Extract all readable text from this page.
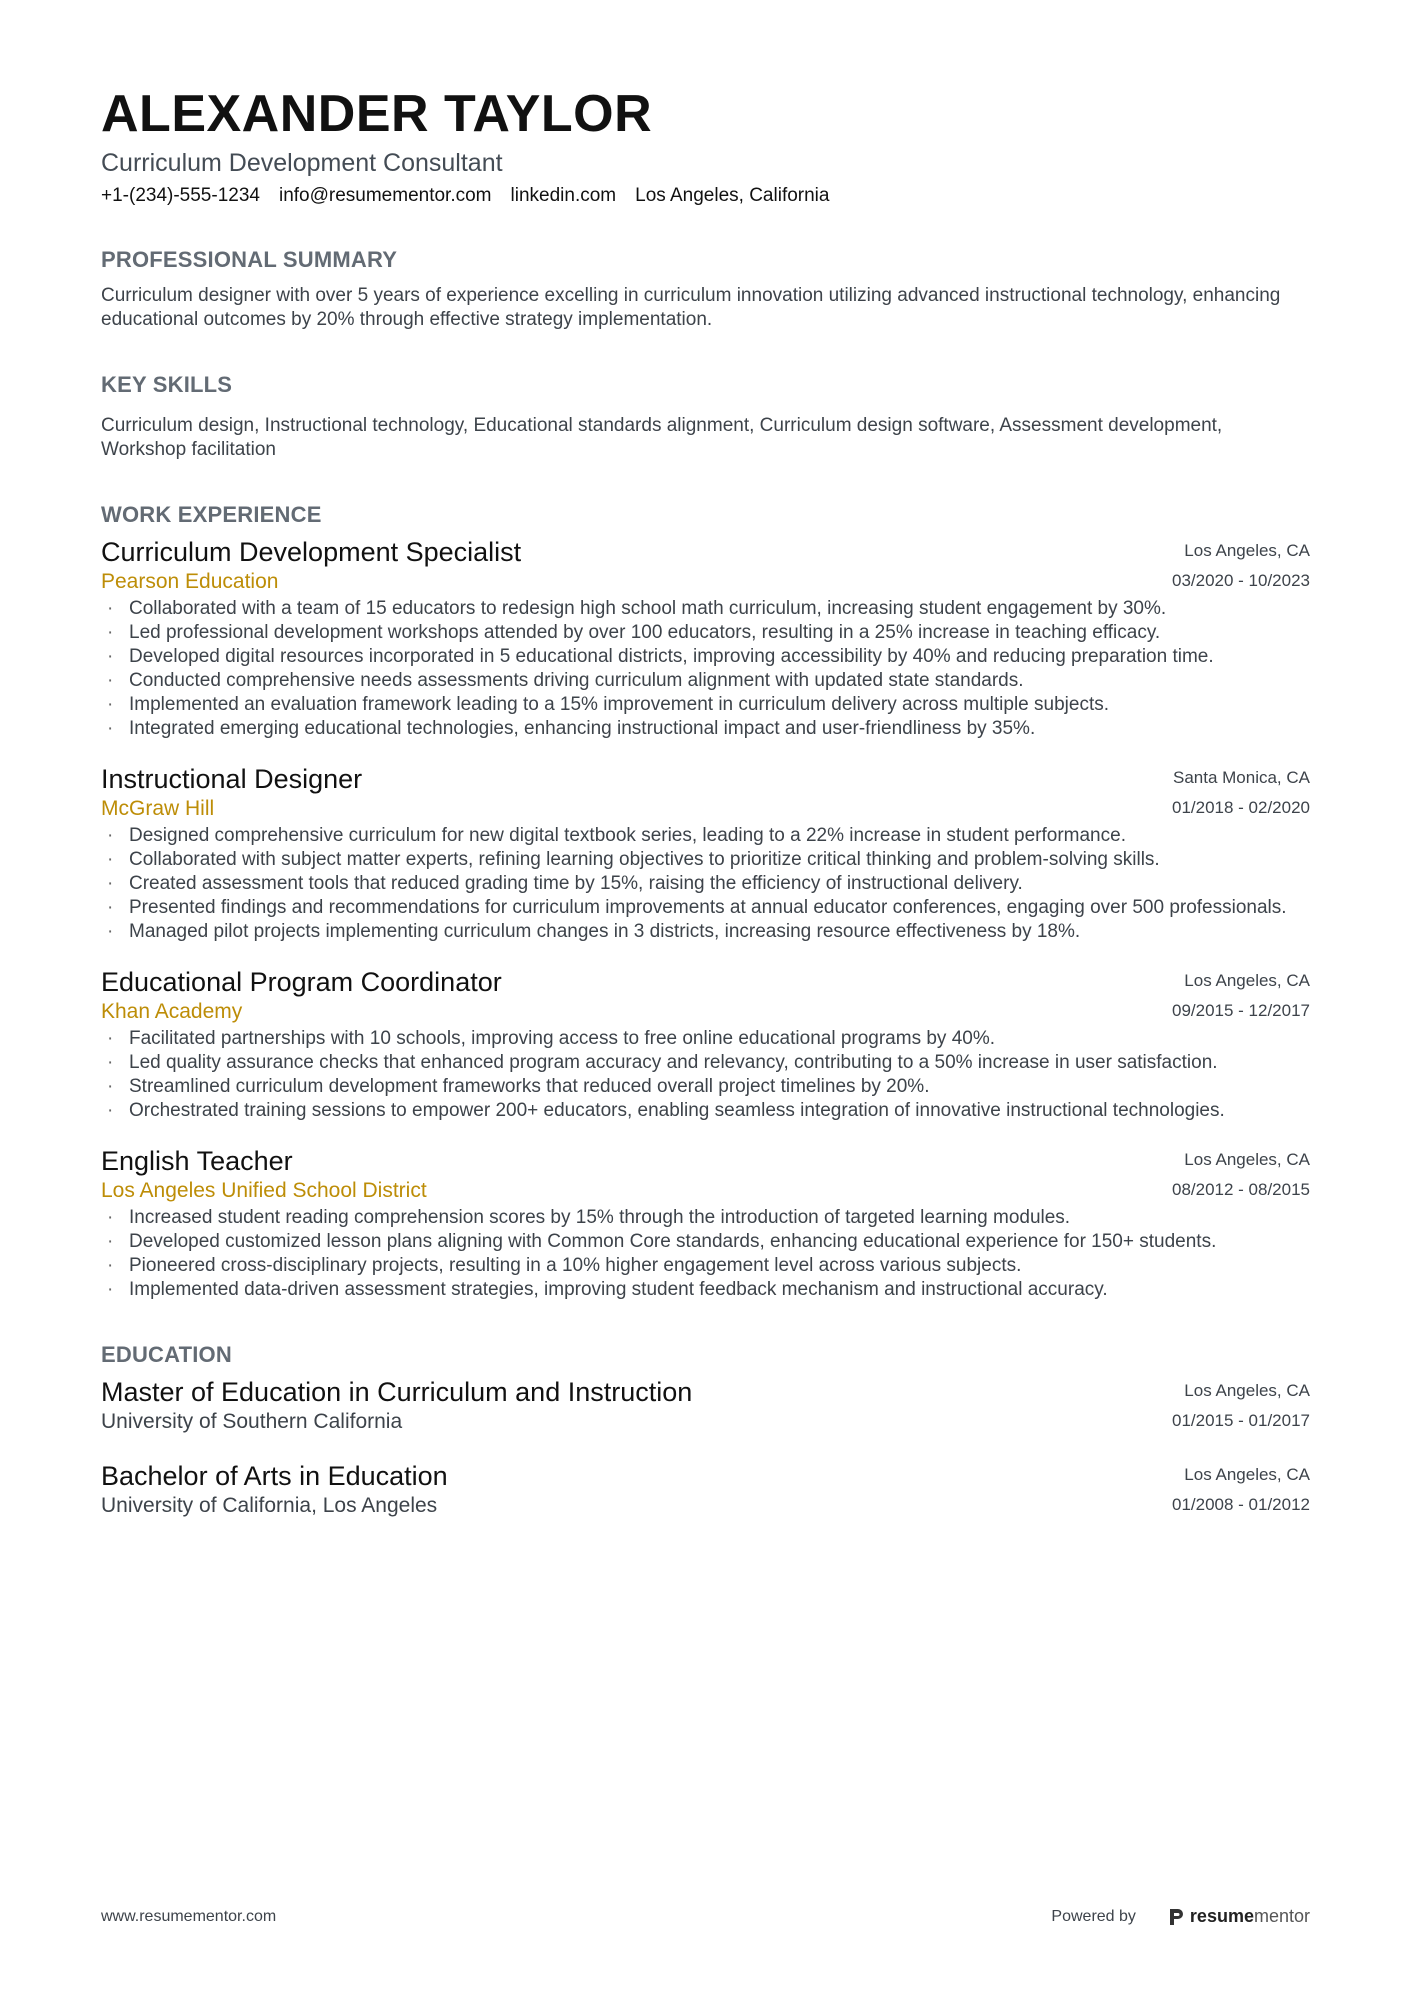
ALEXANDER TAYLOR
Curriculum Development Consultant
+1-(234)-555-1234 info@resumementor.com linkedin.com Los Angeles, California
PROFESSIONAL SUMMARY

Curriculum designer with over 5 years of experience excelling in curriculum innovation utilizing advanced instructional technology, enhancing educational outcomes by 20% through effective strategy implementation.

KEY SKILLS

Curriculum design, Instructional technology, Educational standards alignment, Curriculum design software, Assessment development, Workshop facilitation

WORK EXPERIENCE
Curriculum Development Specialist
Pearson Education
Los Angeles, CA
03/2020 - 10/2023
· Collaborated with a team of 15 educators to redesign high school math curriculum, increasing student engagement by 30%.
· Led professional development workshops attended by over 100 educators, resulting in a 25% increase in teaching efficacy.
· Developed digital resources incorporated in 5 educational districts, improving accessibility by 40% and reducing preparation time.
· Conducted comprehensive needs assessments driving curriculum alignment with updated state standards.
· Implemented an evaluation framework leading to a 15% improvement in curriculum delivery across multiple subjects.
· Integrated emerging educational technologies, enhancing instructional impact and user-friendliness by 35%.
Instructional Designer
McGraw Hill
Santa Monica, CA
01/2018 - 02/2020
· Designed comprehensive curriculum for new digital textbook series, leading to a 22% increase in student performance.
· Collaborated with subject matter experts, refining learning objectives to prioritize critical thinking and problem-solving skills.
· Created assessment tools that reduced grading time by 15%, raising the efficiency of instructional delivery.
· Presented findings and recommendations for curriculum improvements at annual educator conferences, engaging over 500 professionals.
· Managed pilot projects implementing curriculum changes in 3 districts, increasing resource effectiveness by 18%.
Educational Program Coordinator
Khan Academy
Los Angeles, CA
09/2015 - 12/2017
· Facilitated partnerships with 10 schools, improving access to free online educational programs by 40%.
· Led quality assurance checks that enhanced program accuracy and relevancy, contributing to a 50% increase in user satisfaction.
· Streamlined curriculum development frameworks that reduced overall project timelines by 20%.
· Orchestrated training sessions to empower 200+ educators, enabling seamless integration of innovative instructional technologies.
English Teacher
Los Angeles Unified School District
Los Angeles, CA
08/2012 - 08/2015
· Increased student reading comprehension scores by 15% through the introduction of targeted learning modules.
· Developed customized lesson plans aligning with Common Core standards, enhancing educational experience for 150+ students.
· Pioneered cross-disciplinary projects, resulting in a 10% higher engagement level across various subjects.
· Implemented data-driven assessment strategies, improving student feedback mechanism and instructional accuracy.
EDUCATION
Master of Education in Curriculum and Instruction
University of Southern California
Los Angeles, CA
01/2015 - 01/2017
Bachelor of Arts in Education
University of California, Los Angeles
Los Angeles, CA
01/2008 - 01/2012
www.resumementor.com	Powered by	resumementor
